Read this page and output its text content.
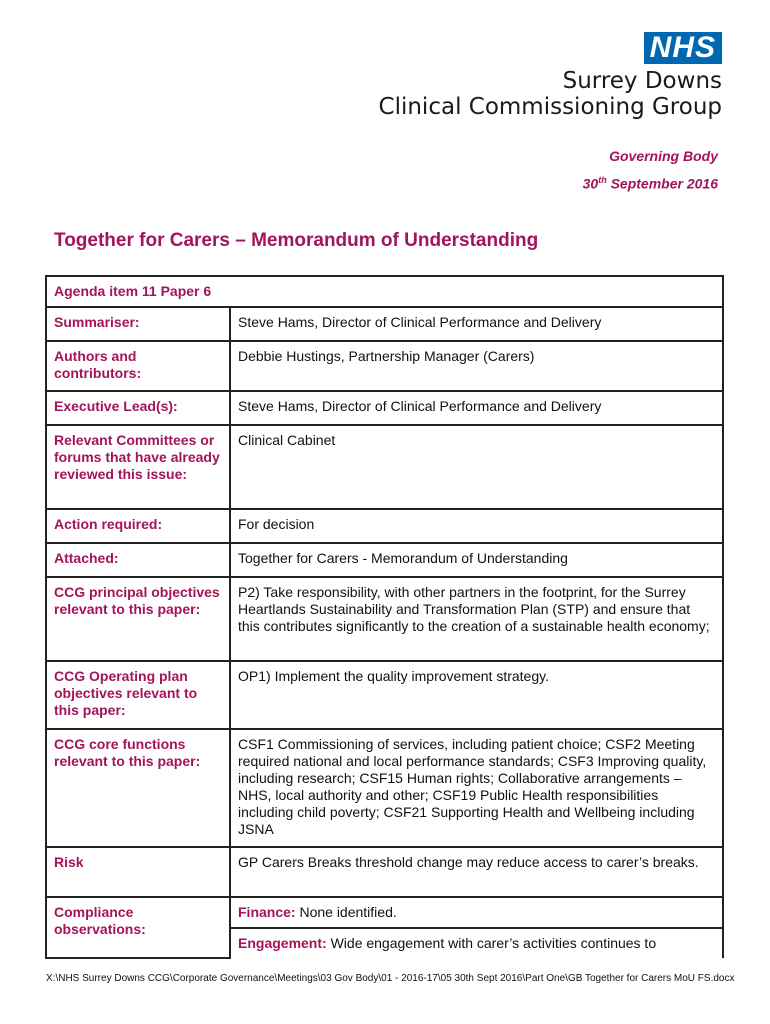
NHS
Surrey Downs
Clinical Commissioning Group
Governing Body
30th September 2016
Together for Carers – Memorandum of Understanding
Agenda item 11 Paper 6	
Summariser:	Steve Hams, Director of Clinical Performance and Delivery
Authors and contributors:	Debbie Hustings, Partnership Manager (Carers)
Executive Lead(s):	Steve Hams, Director of Clinical Performance and Delivery
Relevant Committees or forums that have already reviewed this issue:	Clinical Cabinet
Action required:	For decision
Attached:	Together for Carers - Memorandum of Understanding
CCG principal objectives relevant to this paper:	P2) Take responsibility, with other partners in the footprint, for the Surrey Heartlands Sustainability and Transformation Plan (STP) and ensure that this contributes significantly to the creation of a sustainable health economy;
CCG Operating plan objectives relevant to this paper:	OP1) Implement the quality improvement strategy.
CCG core functions relevant to this paper:	CSF1 Commissioning of services, including patient choice; CSF2 Meeting required national and local performance standards; CSF3 Improving quality, including research; CSF15 Human rights; Collaborative arrangements – NHS, local authority and other; CSF19 Public Health responsibilities including child poverty; CSF21 Supporting Health and Wellbeing including JSNA
Risk	GP Carers Breaks threshold change may reduce access to carer’s breaks.
Compliance observations:	Finance: None identified.
	Engagement: Wide engagement with carer’s activities continues to
X:\NHS Surrey Downs CCG\Corporate Governance\Meetings\03 Gov Body\01 - 2016-17\05 30th Sept 2016\Part One\GB Together for Carers MoU FS.docx
